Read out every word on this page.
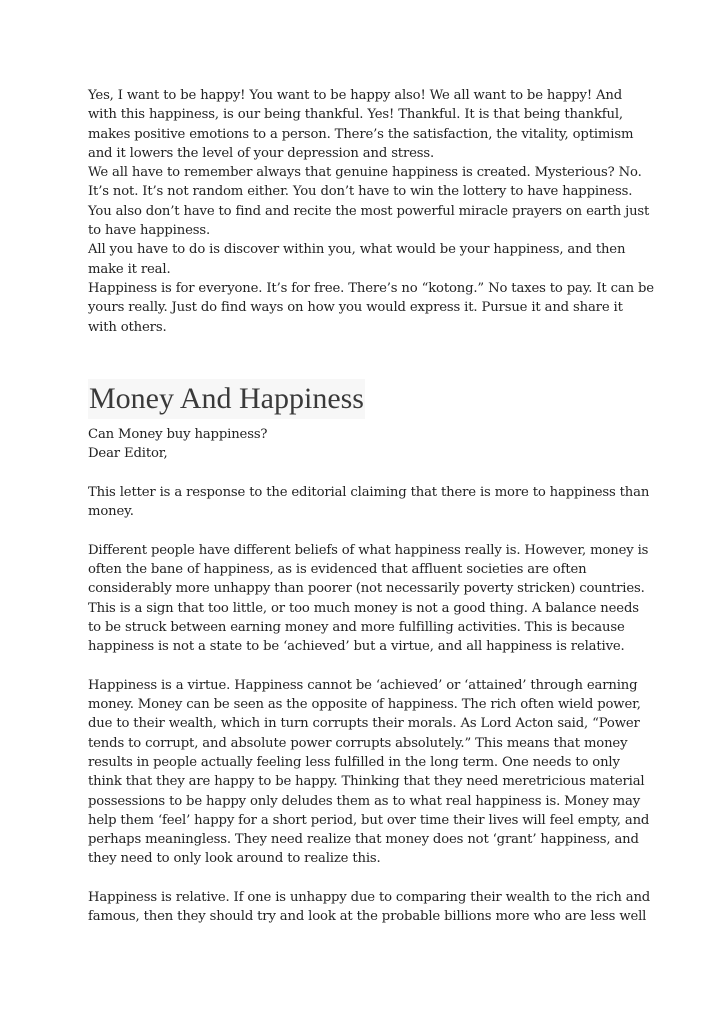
Yes, I want to be happy! You want to be happy also! We all want to be happy! And
with this happiness, is our being thankful. Yes! Thankful. It is that being thankful,
makes positive emotions to a person. There’s the satisfaction, the vitality, optimism
and it lowers the level of your depression and stress.
We all have to remember always that genuine happiness is created. Mysterious? No.
It’s not. It’s not random either. You don’t have to win the lottery to have happiness.
You also don’t have to find and recite the most powerful miracle prayers on earth just
to have happiness.
All you have to do is discover within you, what would be your happiness, and then
make it real.
Happiness is for everyone. It’s for free. There’s no “kotong.” No taxes to pay. It can be
yours really. Just do find ways on how you would express it. Pursue it and share it
with others.
Money And Happiness
Can Money buy happiness?
Dear Editor,
This letter is a response to the editorial claiming that there is more to happiness than
money.
Different people have different beliefs of what happiness really is. However, money is
often the bane of happiness, as is evidenced that affluent societies are often
considerably more unhappy than poorer (not necessarily poverty stricken) countries.
This is a sign that too little, or too much money is not a good thing. A balance needs
to be struck between earning money and more fulfilling activities. This is because
happiness is not a state to be ‘achieved’ but a virtue, and all happiness is relative.
Happiness is a virtue. Happiness cannot be ‘achieved’ or ‘attained’ through earning
money. Money can be seen as the opposite of happiness. The rich often wield power,
due to their wealth, which in turn corrupts their morals. As Lord Acton said, “Power
tends to corrupt, and absolute power corrupts absolutely.” This means that money
results in people actually feeling less fulfilled in the long term. One needs to only
think that they are happy to be happy. Thinking that they need meretricious material
possessions to be happy only deludes them as to what real happiness is. Money may
help them ‘feel’ happy for a short period, but over time their lives will feel empty, and
perhaps meaningless. They need realize that money does not ‘grant’ happiness, and
they need to only look around to realize this.
Happiness is relative. If one is unhappy due to comparing their wealth to the rich and
famous, then they should try and look at the probable billions more who are less well
